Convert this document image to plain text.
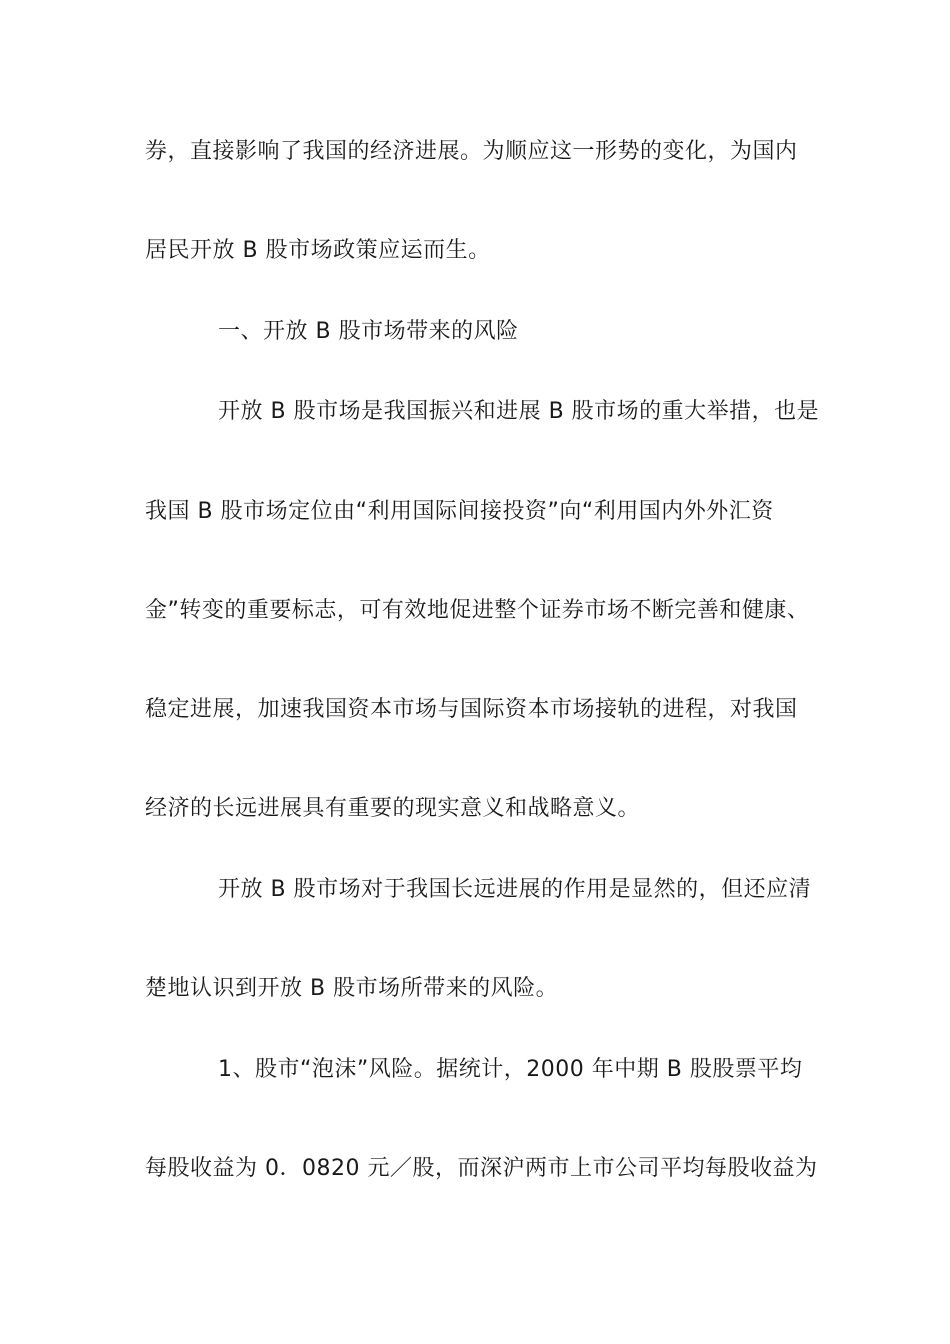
券，直接影响了我国的经济进展。为顺应这一形势的变化，为国内
居民开放 B 股市场政策应运而生。
一、开放 B 股市场带来的风险
开放 B 股市场是我国振兴和进展 B 股市场的重大举措，也是
我国 B 股市场定位由“利用国际间接投资”向“利用国内外外汇资
金”转变的重要标志，可有效地促进整个证券市场不断完善和健康、
稳定进展，加速我国资本市场与国际资本市场接轨的进程，对我国
经济的长远进展具有重要的现实意义和战略意义。
开放 B 股市场对于我国长远进展的作用是显然的，但还应清
楚地认识到开放 B 股市场所带来的风险。
1、股市“泡沫”风险。据统计，2000 年中期 B 股股票平均
每股收益为 0．0820 元／股，而深沪两市上市公司平均每股收益为
